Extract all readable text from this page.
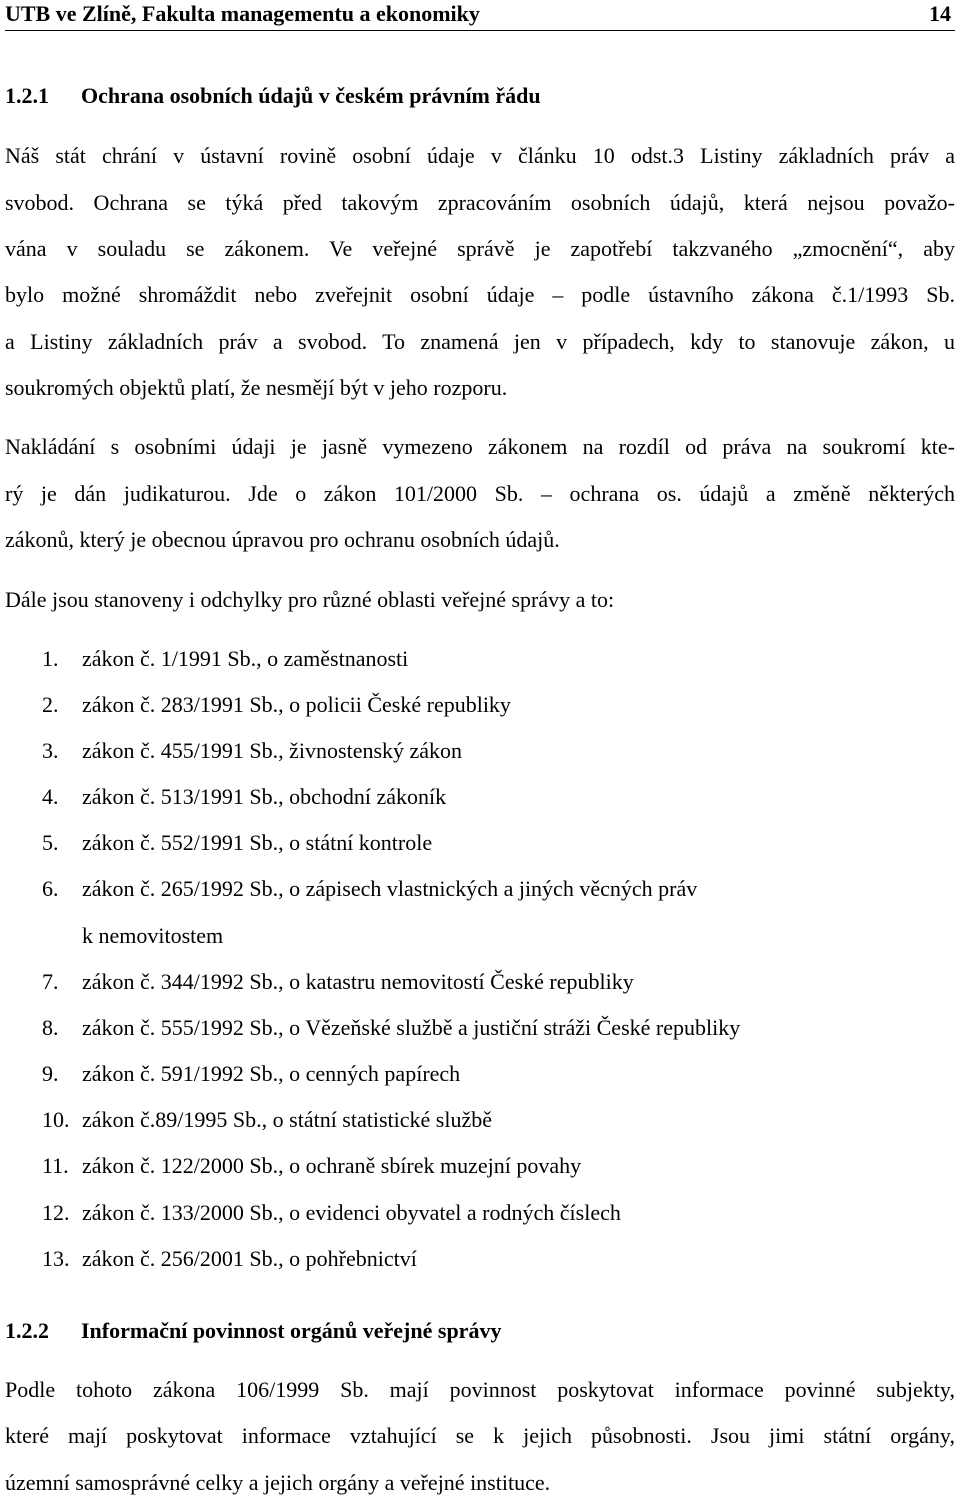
UTB ve Zlíně, Fakulta managementu a ekonomiky	14
1.2.1 Ochrana osobních údajů v českém právním řádu
Náš stát chrání v ústavní rovině osobní údaje v článku 10 odst.3 Listiny základních práv a
svobod. Ochrana se týká před takovým zpracováním osobních údajů, která nejsou považo-
vána v souladu se zákonem. Ve veřejné správě je zapotřebí takzvaného „zmocnění“, aby
bylo možné shromáždit nebo zveřejnit osobní údaje – podle ústavního zákona č.1/1993 Sb.
a Listiny základních práv a svobod. To znamená jen v případech, kdy to stanovuje zákon, u
soukromých objektů platí, že nesmějí být v jeho rozporu.
Nakládání s osobními údaji je jasně vymezeno zákonem na rozdíl od práva na soukromí kte-
rý je dán judikaturou. Jde o zákon 101/2000 Sb. – ochrana os. údajů a změně některých
zákonů, který je obecnou úpravou pro ochranu osobních údajů.
Dále jsou stanoveny i odchylky pro různé oblasti veřejné správy a to:
1. zákon č. 1/1991 Sb., o zaměstnanosti
2. zákon č. 283/1991 Sb., o policii České republiky
3. zákon č. 455/1991 Sb., živnostenský zákon
4. zákon č. 513/1991 Sb., obchodní zákoník
5. zákon č. 552/1991 Sb., o státní kontrole
6. zákon č. 265/1992 Sb., o zápisech vlastnických a jiných věcných práv
k nemovitostem
7. zákon č. 344/1992 Sb., o katastru nemovitostí České republiky
8. zákon č. 555/1992 Sb., o Vězeňské službě a justiční stráži České republiky
9. zákon č. 591/1992 Sb., o cenných papírech
10. zákon č.89/1995 Sb., o státní statistické službě
11. zákon č. 122/2000 Sb., o ochraně sbírek muzejní povahy
12. zákon č. 133/2000 Sb., o evidenci obyvatel a rodných číslech
13. zákon č. 256/2001 Sb., o pohřebnictví
1.2.2 Informační povinnost orgánů veřejné správy
Podle tohoto zákona 106/1999 Sb. mají povinnost poskytovat informace povinné subjekty,
které mají poskytovat informace vztahující se k jejich působnosti. Jsou jimi státní orgány,
územní samosprávné celky a jejich orgány a veřejné instituce.
